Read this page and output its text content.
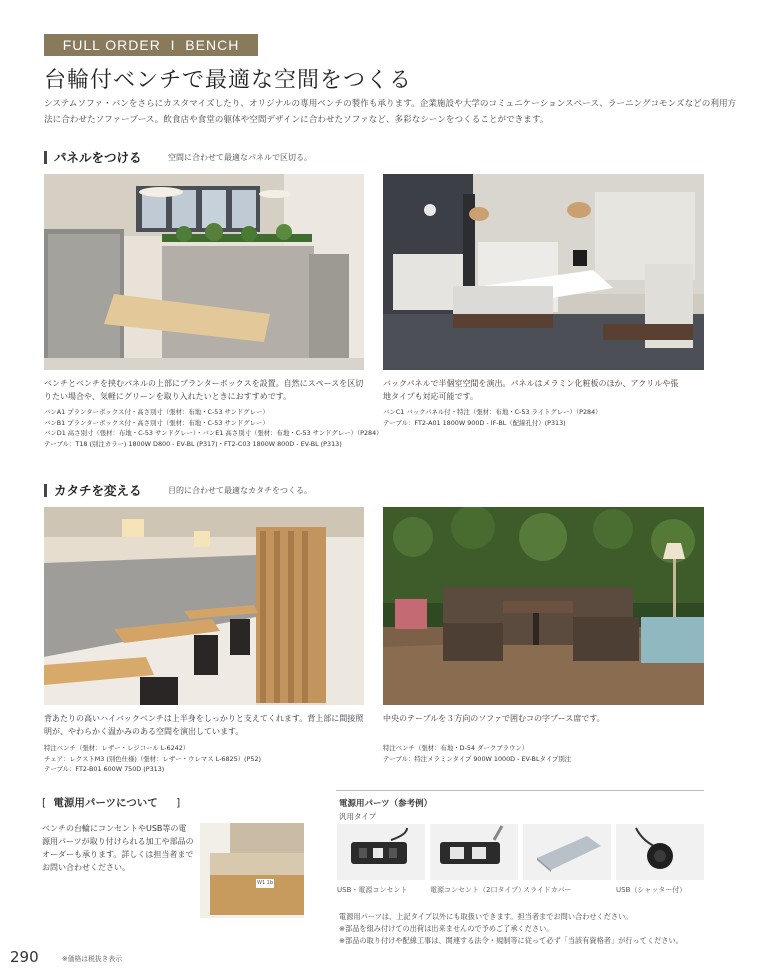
FULL ORDER  I  BENCH
台輪付ベンチで最適な空間をつくる
システムソファ・バンをさらにカスタマイズしたり、オリジナルの専用ベンチの製作も承ります。企業施設や大学のコミュニケーションスペース、ラーニングコモンズなどの利用方法に合わせたソファーブース。飲食店や食堂の躯体や空間デザインに合わせたソファなど、多彩なシーンをつくることができます。
パネルをつける	空間に合わせて最適なパネルで区切る。
ベンチとベンチを挟むパネルの上部にプランターボックスを設置。自然にスペースを区切りたい場合や、気軽にグリーンを取り入れたいときにおすすめです。
バンA1 プランターボックス付・高さ別寸（張材：布地・C-53 サンドグレー）
バンB1 プランターボックス付・高さ別寸（張材：布地・C-53 サンドグレー）
バンD1 高さ別寸（張材：布地・C-53 サンドグレー）・バンE1 高さ別寸（張材：布地・C-53 サンドグレー）（P284）
テーブル：T18 (別注カラー) 1800W D800 - EV-BL (P317)・FT2-C03 1800W 800D - EV-BL (P313)
バックパネルで半個室空間を演出。パネルはメラミン化粧板のほか、アクリルや張地タイプも対応可能です。
バンC1 バックパネル付・特注（張材：布地・C-53 ライトグレー）（P284）
テーブル：FT2-A01 1800W 900D - IF-BL（配線孔付）(P313)
カタチを変える	目的に合わせて最適なカタチをつくる。
背あたりの高いハイバックベンチは上半身をしっかりと支えてくれます。背上部に間接照明が、やわらかく温かみのある空間を演出しています。
特注ベンチ（張材：レザー・レジコール L-6242）
チェア：レクストM3 (別色仕様)（張材：レザー・ウレマス L-6825）(P52)
テーブル：FT2-B01 600W 750D (P313)
中央のテーブルを３方向のソファで囲むコの字ブース席です。
特注ベンチ（張材：布地・D-54 ダークブラウン）
テーブル：特注メラミンタイプ 900W 1000D - EV-BLタイプ別注
[ 電源用パーツについて ]
ベンチの台輪にコンセントやUSB等の電源用パーツが取り付けられる加工や部品のオーダーも承ります。詳しくは担当者までお問い合わせください。
W1 1b
電源用パーツ（参考例）
汎用タイプ
USB・電源コンセント	電源コンセント（2口タイプ）
スライドカバー	USB（シャッター付）
電源用パーツは、上記タイプ以外にも取扱いできます。担当者までお問い合わせください。
※部品を組み付けての出荷は出来ませんので予めご了承ください。
※部品の取り付けや配線工事は、関連する法令・規制等に従って必ず「当該有資格者」が行ってください。
290	※価格は税抜き表示
